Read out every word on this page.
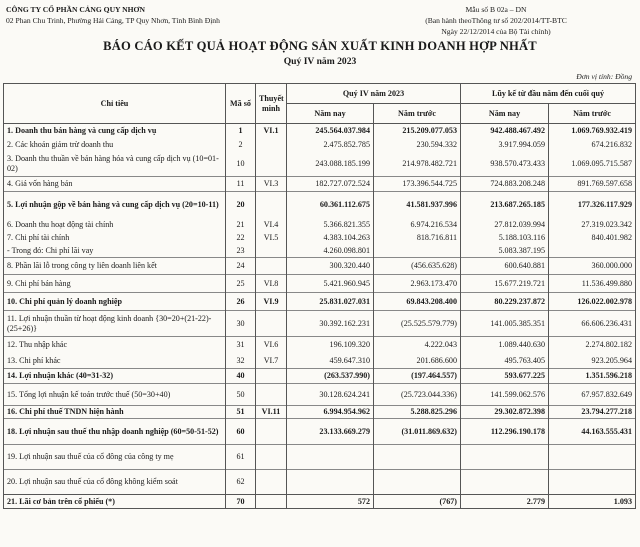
CÔNG TY CỔ PHẦN CẢNG QUY NHƠN
02 Phan Chu Trinh, Phường Hải Cảng, TP Quy Nhơn, Tỉnh Bình Định
Mẫu số B 02a – DN
(Ban hành theoThông tư số 202/2014/TT-BTC
Ngày 22/12/2014 của Bộ Tài chính)
BÁO CÁO KẾT QUẢ HOẠT ĐỘNG SẢN XUẤT KINH DOANH HỢP NHẤT
Quý IV năm 2023
Đơn vị tính: Đồng
Chỉ tiêu	Mã số	Thuyết minh	Quý IV năm 2023		Lũy kế từ đầu năm đến cuối quý	
			Năm nay	Năm trước	Năm nay	Năm trước
1. Doanh thu bán hàng và cung cấp dịch vụ	1	VI.1	245.564.037.984	215.209.077.053	942.488.467.492	1.069.769.932.419
2. Các khoản giảm trừ doanh thu	2		2.475.852.785	230.594.332	3.917.994.059	674.216.832
3. Doanh thu thuần về bán hàng hóa và cung cấp dịch vụ (10=01-02)	10		243.088.185.199	214.978.482.721	938.570.473.433	1.069.095.715.587
4. Giá vốn hàng bán	11	VI.3	182.727.072.524	173.396.544.725	724.883.208.248	891.769.597.658
5. Lợi nhuận gộp về bán hàng và cung cấp dịch vụ (20=10-11)	20		60.361.112.675	41.581.937.996	213.687.265.185	177.326.117.929
6. Doanh thu hoạt động tài chính	21	VI.4	5.366.821.355	6.974.216.534	27.812.039.994	27.319.023.342
7. Chi phí tài chính	22	VI.5	4.383.104.263	818.716.811	5.188.103.116	840.401.982
- Trong đó: Chi phí lãi vay	23		4.260.098.801		5.083.387.195	
8. Phần lãi lỗ trong công ty liên doanh liên kết	24		300.320.440	(456.635.628)	600.640.881	360.000.000
9. Chi phí bán hàng	25	VI.8	5.421.960.945	2.963.173.470	15.677.219.721	11.536.499.880
10. Chi phí quản lý doanh nghiệp	26	VI.9	25.831.027.031	69.843.208.400	80.229.237.872	126.022.002.978
11. Lợi nhuận thuần từ hoạt động kinh doanh {30=20+(21-22)-(25+26)}	30		30.392.162.231	(25.525.579.779)	141.005.385.351	66.606.236.431
12. Thu nhập khác	31	VI.6	196.109.320	4.222.043	1.089.440.630	2.274.802.182
13. Chi phí khác	32	VI.7	459.647.310	201.686.600	495.763.405	923.205.964
14. Lợi nhuận khác (40=31-32)	40		(263.537.990)	(197.464.557)	593.677.225	1.351.596.218
15. Tổng lợi nhuận kế toán trước thuế (50=30+40)	50		30.128.624.241	(25.723.044.336)	141.599.062.576	67.957.832.649
16. Chi phí thuế TNDN hiện hành	51	VI.11	6.994.954.962	5.288.825.296	29.302.872.398	23.794.277.218
18. Lợi nhuận sau thuế thu nhập doanh nghiệp (60=50-51-52)	60		23.133.669.279	(31.011.869.632)	112.296.190.178	44.163.555.431
19. Lợi nhuận sau thuế của cổ đông của công ty mẹ	61					
20. Lợi nhuận sau thuế của cổ đông không kiểm soát	62					
21. Lãi cơ bản trên cổ phiếu (*)	70		572	(767)	2.779	1.093
